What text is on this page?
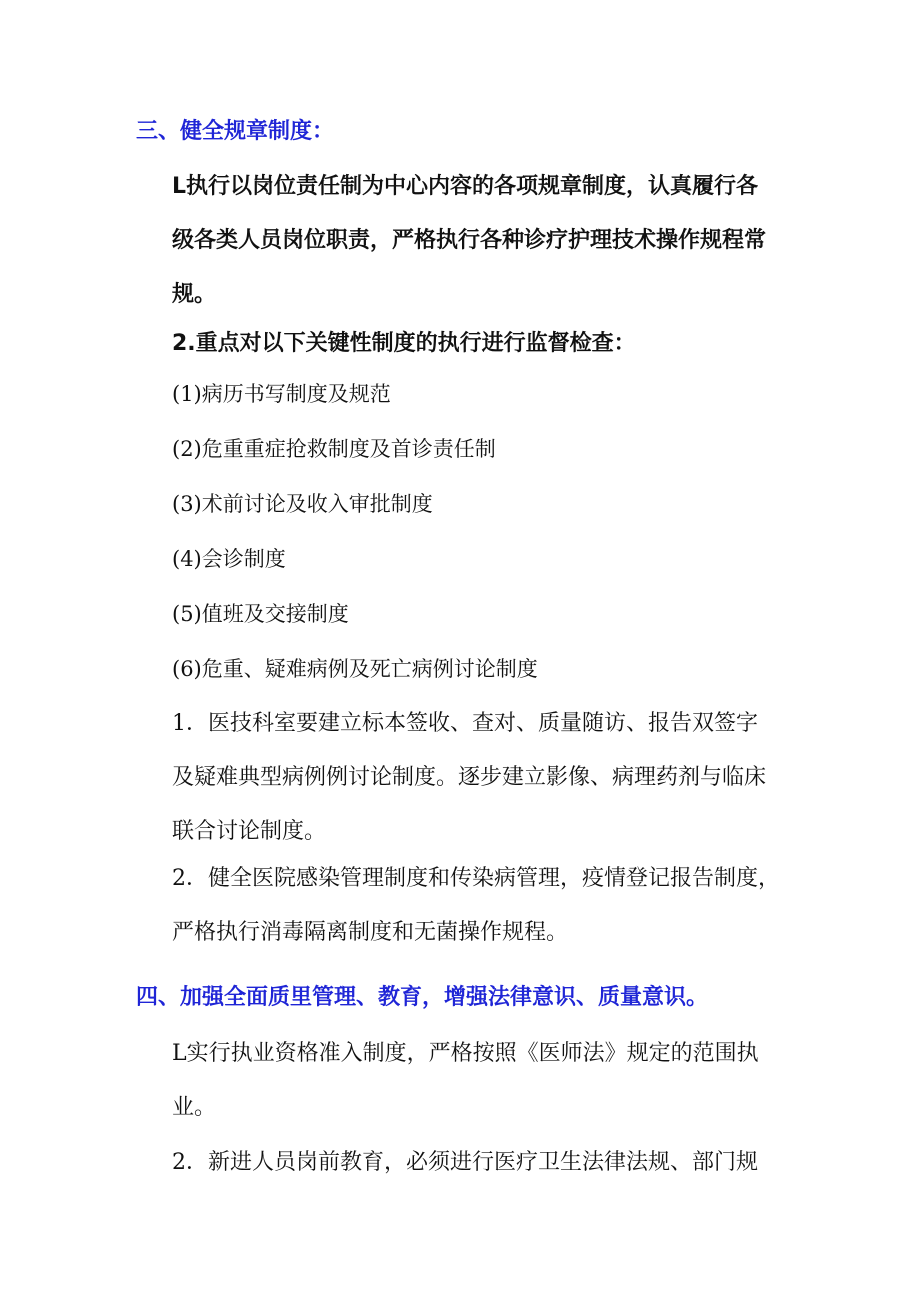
三、健全规章制度：
L执行以岗位责任制为中心内容的各项规章制度，认真履行各
级各类人员岗位职责，严格执行各种诊疗护理技术操作规程常
规。
2.重点对以下关键性制度的执行进行监督检查：
(1)病历书写制度及规范
(2)危重重症抢救制度及首诊责任制
(3)术前讨论及收入审批制度
(4)会诊制度
(5)值班及交接制度
(6)危重、疑难病例及死亡病例讨论制度
1．医技科室要建立标本签收、查对、质量随访、报告双签字
及疑难典型病例例讨论制度。逐步建立影像、病理药剂与临床
联合讨论制度。
2．健全医院感染管理制度和传染病管理，疫情登记报告制度，
严格执行消毒隔离制度和无菌操作规程。
四、加强全面质里管理、教育，增强法律意识、质量意识。
L实行执业资格准入制度，严格按照《医师法》规定的范围执
业。
2．新进人员岗前教育，必须进行医疗卫生法律法规、部门规
